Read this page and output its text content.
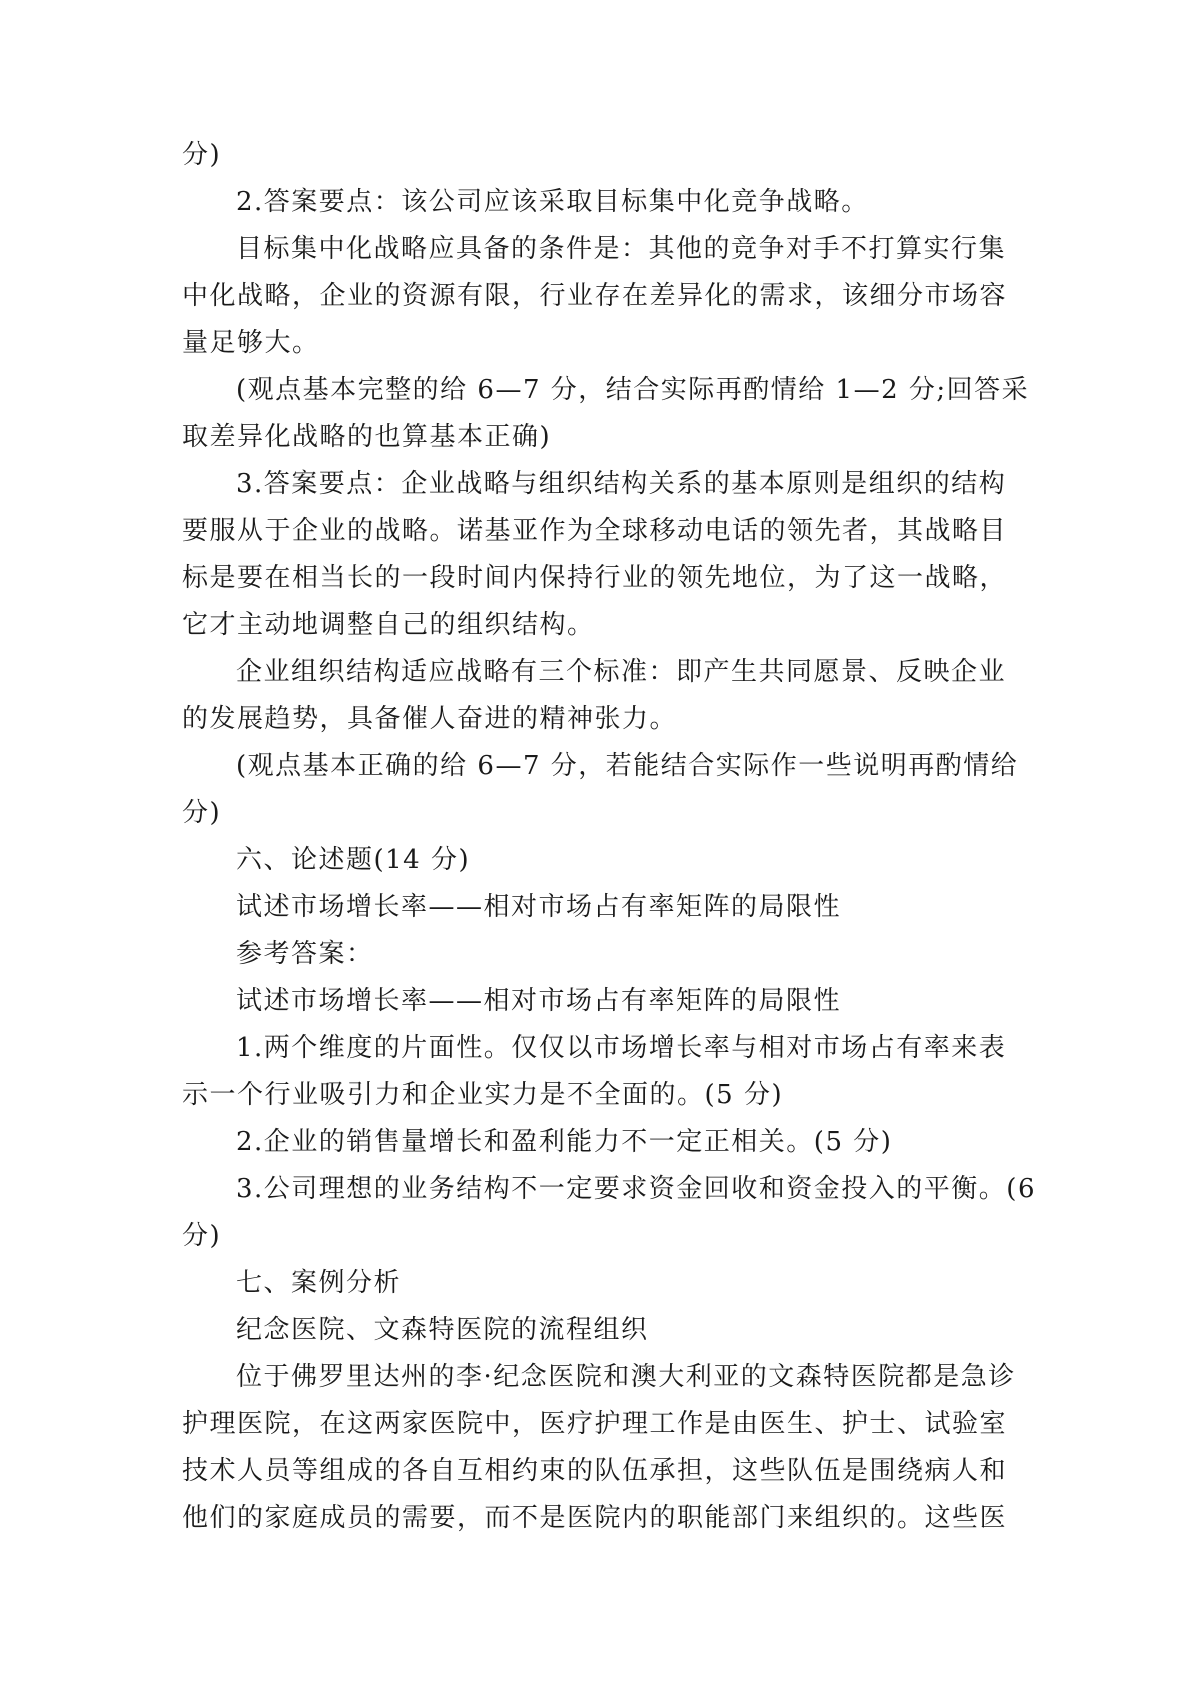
分)

2.答案要点：该公司应该采取目标集中化竞争战略。

目标集中化战略应具备的条件是：其他的竞争对手不打算实行集

中化战略，企业的资源有限，行业存在差异化的需求，该细分市场容

量足够大。

(观点基本完整的给 6—7 分，结合实际再酌情给 1—2 分;回答采

取差异化战略的也算基本正确)

3.答案要点：企业战略与组织结构关系的基本原则是组织的结构

要服从于企业的战略。诺基亚作为全球移动电话的领先者，其战略目

标是要在相当长的一段时间内保持行业的领先地位，为了这一战略，

它才主动地调整自己的组织结构。

企业组织结构适应战略有三个标准：即产生共同愿景、反映企业

的发展趋势，具备催人奋进的精神张力。

(观点基本正确的给 6—7 分，若能结合实际作一些说明再酌情给

分)

六、论述题(14 分)

试述市场增长率——相对市场占有率矩阵的局限性

参考答案：

试述市场增长率——相对市场占有率矩阵的局限性

1.两个维度的片面性。仅仅以市场增长率与相对市场占有率来表

示一个行业吸引力和企业实力是不全面的。(5 分)

2.企业的销售量增长和盈利能力不一定正相关。(5 分)

3.公司理想的业务结构不一定要求资金回收和资金投入的平衡。(6

分)

七、案例分析

纪念医院、文森特医院的流程组织

位于佛罗里达州的李·纪念医院和澳大利亚的文森特医院都是急诊

护理医院，在这两家医院中，医疗护理工作是由医生、护士、试验室

技术人员等组成的各自互相约束的队伍承担，这些队伍是围绕病人和

他们的家庭成员的需要，而不是医院内的职能部门来组织的。这些医
